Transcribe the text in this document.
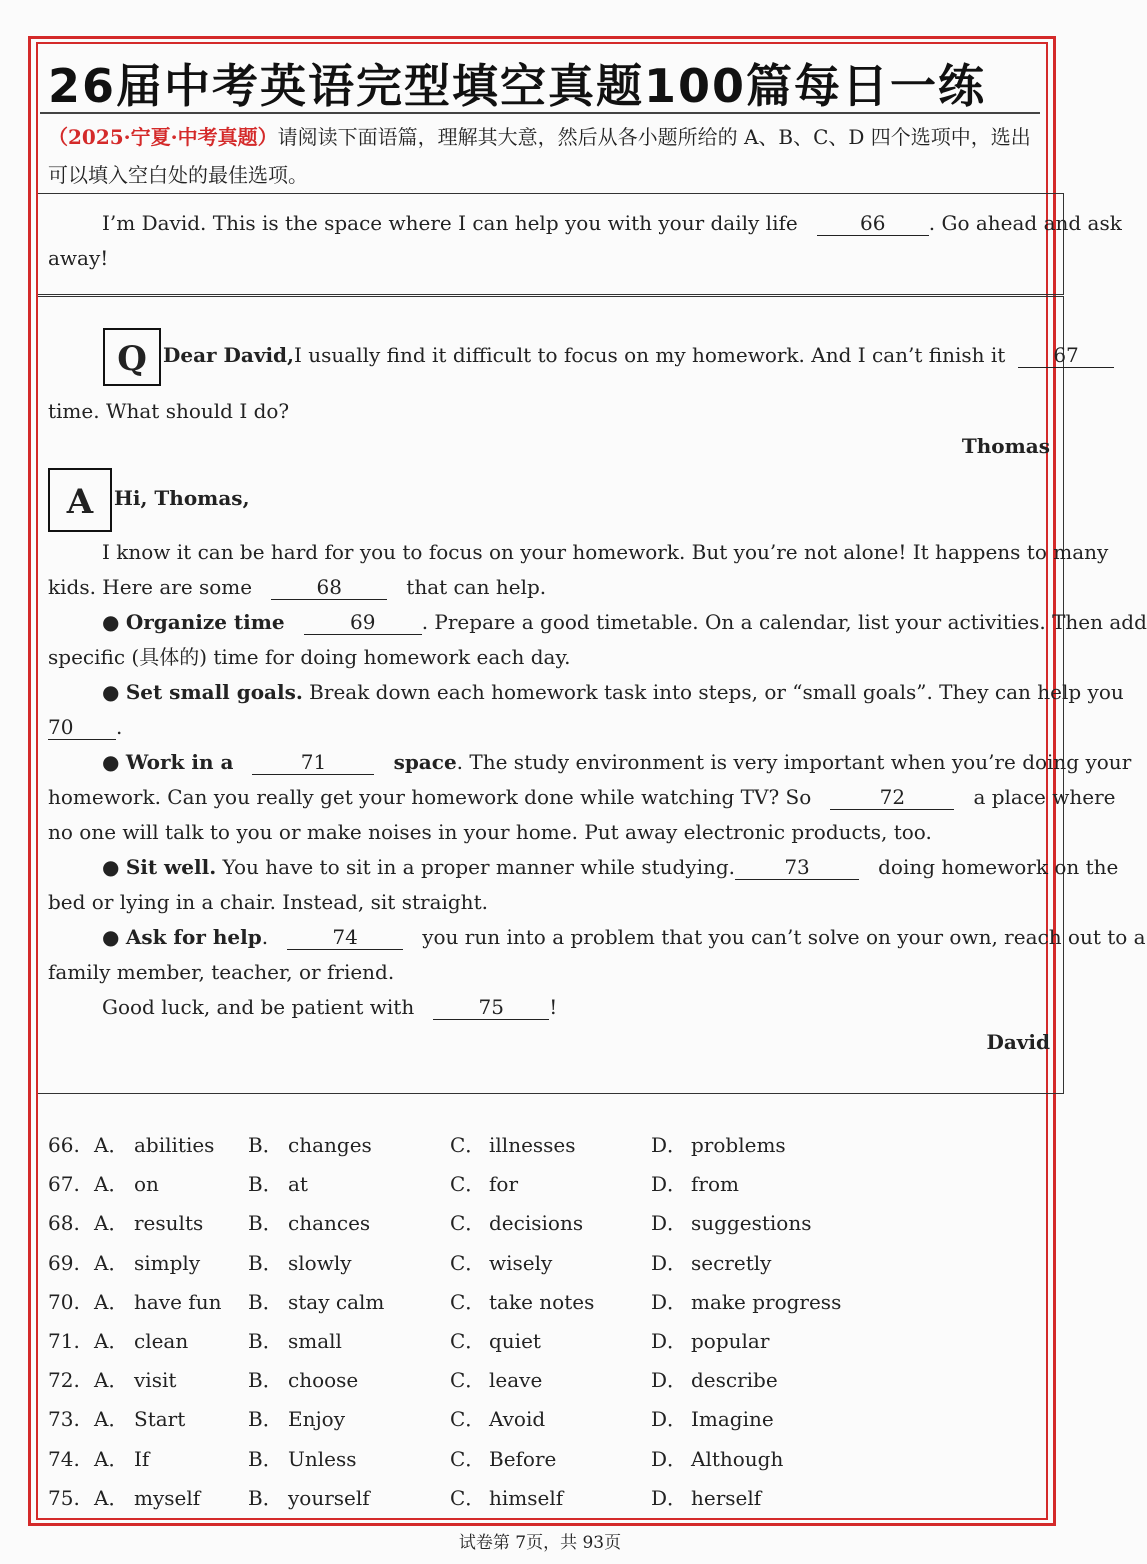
26届中考英语完型填空真题100篇每日一练
（2025·宁夏·中考真题）请阅读下面语篇，理解其大意，然后从各小题所给的 A、B、C、D 四个选项中，选出可以填入空白处的最佳选项。

I’m David. This is the space where I can help you with your daily life	66 . Go ahead and ask

away!

Q Dear David,I usually find it difficult to focus on my homework. And I can’t finish it 67

time. What should I do?

Thomas

A Hi, Thomas,

I know it can be hard for you to focus on your homework. But you’re not alone! It happens to many

kids. Here are some	68	that can help.

● Organize time	69 . Prepare a good timetable. On a calendar, list your activities. Then add

specific (具体的) time for doing homework each day.

● Set small goals. Break down each homework task into steps, or “small goals”. They can help you

70 .

● Work in a	71	space. The study environment is very important when you’re doing your

homework. Can you really get your homework done while watching TV? So	72	a place where

no one will talk to you or make noises in your home. Put away electronic products, too.

● Sit well. You have to sit in a proper manner while studying. 73	doing homework on the

bed or lying in a chair. Instead, sit straight.

● Ask for help.   74	you run into a problem that you can’t solve on your own, reach out to a

family member, teacher, or friend.

Good luck, and be patient with	75 !

David

66. A． abilities B． changes	C． illnesses	D． problems
67. A． on	B． at	C． for	D． from
68. A． results B． chances	C． decisions	D． suggestions
69. A． simply B． slowly	C． wisely	D． secretly
70. A． have fun B． stay calm	C． take notes	D． make progress
71. A． clean	B． small	C． quiet	D． popular
72. A． visit	B． choose	C． leave	D． describe
73. A． Start	B． Enjoy	C． Avoid	D． Imagine
74. A． If	B． Unless	C． Before	D． Although
75. A． myself B． yourself	C． himself	D． herself
试卷第 7页，共 93页
